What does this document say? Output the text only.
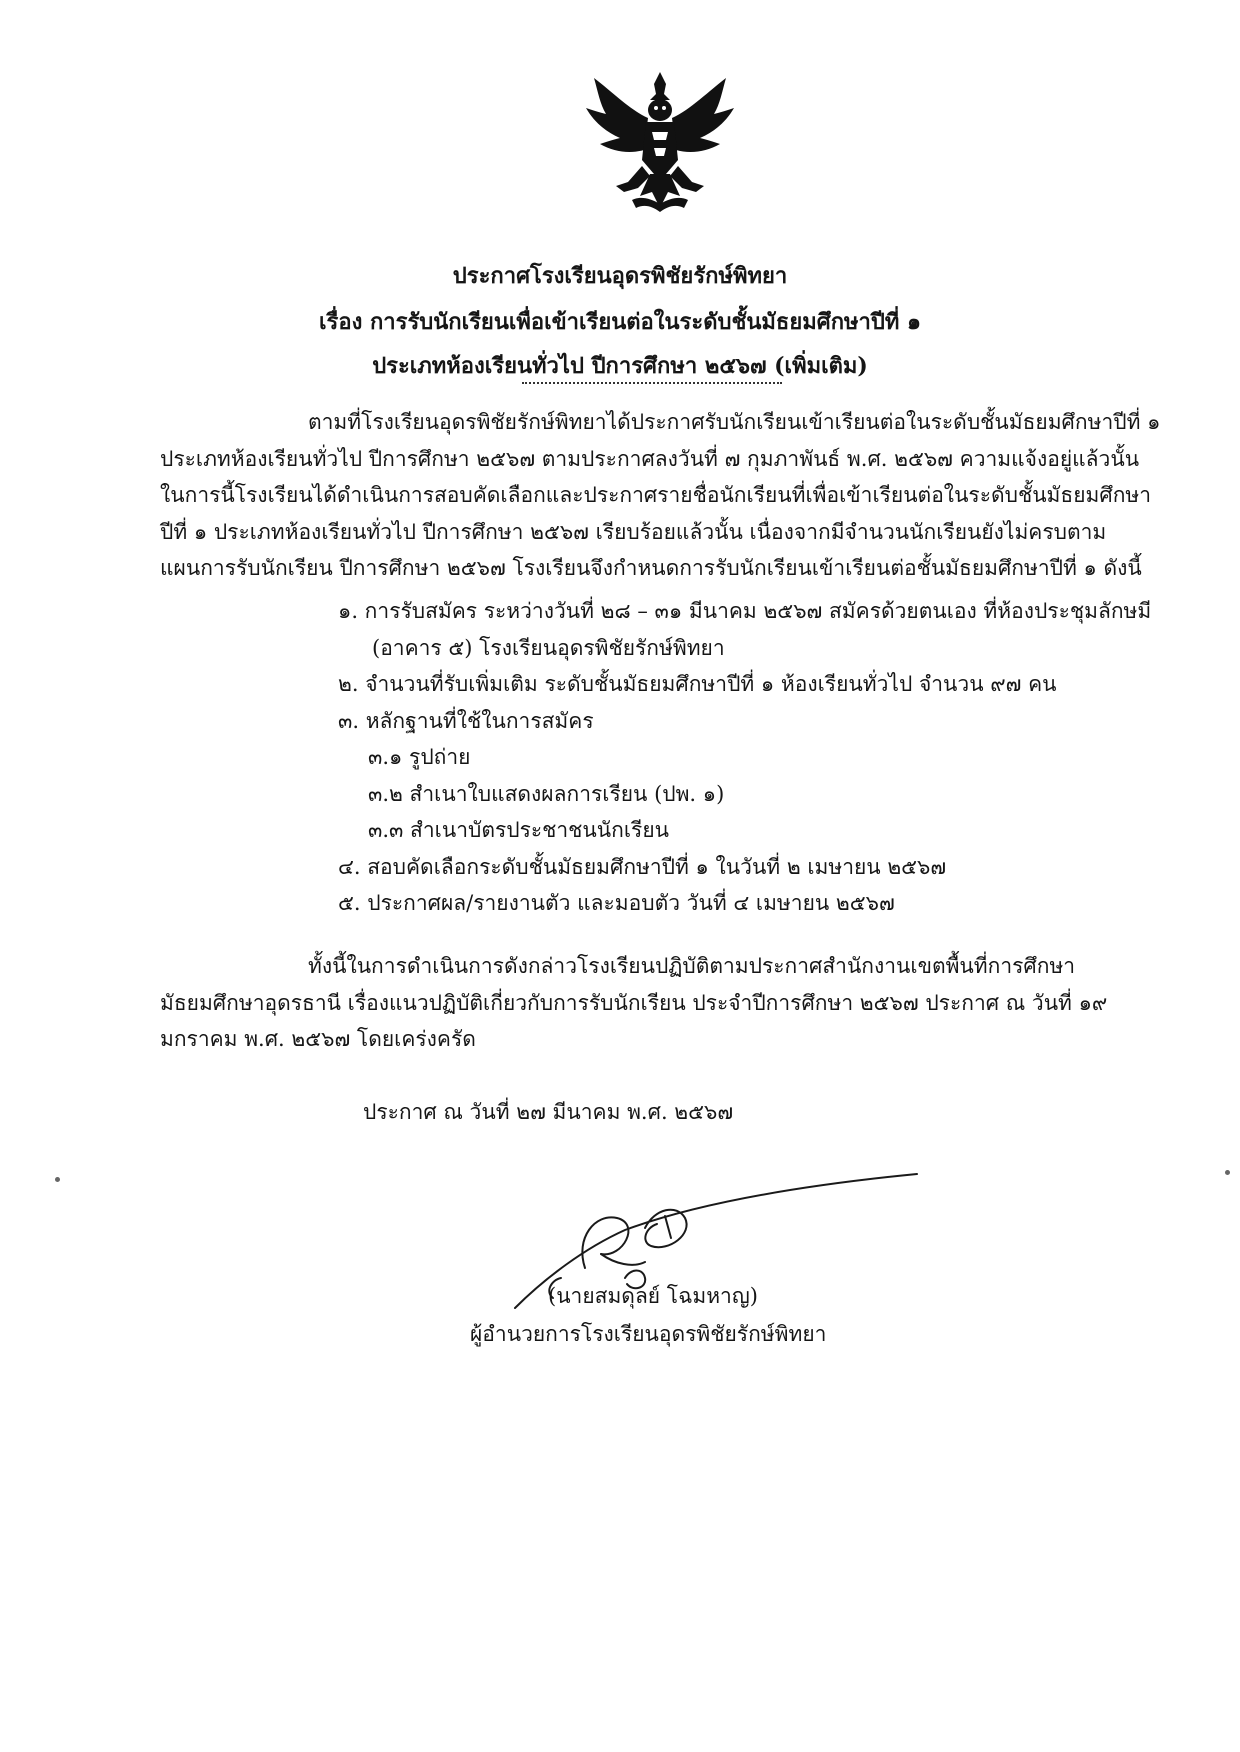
ประกาศโรงเรียนอุดรพิชัยรักษ์พิทยา
เรื่อง การรับนักเรียนเพื่อเข้าเรียนต่อในระดับชั้นมัธยมศึกษาปีที่ ๑
ประเภทห้องเรียนทั่วไป ปีการศึกษา ๒๕๖๗ (เพิ่มเติม)
ตามที่โรงเรียนอุดรพิชัยรักษ์พิทยาได้ประกาศรับนักเรียนเข้าเรียนต่อในระดับชั้นมัธยมศึกษาปีที่ ๑
ประเภทห้องเรียนทั่วไป ปีการศึกษา ๒๕๖๗ ตามประกาศลงวันที่ ๗ กุมภาพันธ์ พ.ศ. ๒๕๖๗ ความแจ้งอยู่แล้วนั้น
ในการนี้โรงเรียนได้ดำเนินการสอบคัดเลือกและประกาศรายชื่อนักเรียนที่เพื่อเข้าเรียนต่อในระดับชั้นมัธยมศึกษา
ปีที่ ๑ ประเภทห้องเรียนทั่วไป ปีการศึกษา ๒๕๖๗ เรียบร้อยแล้วนั้น เนื่องจากมีจำนวนนักเรียนยังไม่ครบตาม
แผนการรับนักเรียน ปีการศึกษา ๒๕๖๗ โรงเรียนจึงกำหนดการรับนักเรียนเข้าเรียนต่อชั้นมัธยมศึกษาปีที่ ๑ ดังนี้
๑. การรับสมัคร ระหว่างวันที่ ๒๘ – ๓๑ มีนาคม ๒๕๖๗ สมัครด้วยตนเอง ที่ห้องประชุมลักษมี
(อาคาร ๕) โรงเรียนอุดรพิชัยรักษ์พิทยา
๒. จำนวนที่รับเพิ่มเติม ระดับชั้นมัธยมศึกษาปีที่ ๑ ห้องเรียนทั่วไป จำนวน ๙๗ คน
๓. หลักฐานที่ใช้ในการสมัคร
๓.๑ รูปถ่าย
๓.๒ สำเนาใบแสดงผลการเรียน (ปพ. ๑)
๓.๓ สำเนาบัตรประชาชนนักเรียน
๔. สอบคัดเลือกระดับชั้นมัธยมศึกษาปีที่ ๑ ในวันที่ ๒ เมษายน ๒๕๖๗
๕. ประกาศผล/รายงานตัว และมอบตัว วันที่ ๔ เมษายน ๒๕๖๗
ทั้งนี้ในการดำเนินการดังกล่าวโรงเรียนปฏิบัติตามประกาศสำนักงานเขตพื้นที่การศึกษา
มัธยมศึกษาอุดรธานี เรื่องแนวปฏิบัติเกี่ยวกับการรับนักเรียน ประจำปีการศึกษา ๒๕๖๗ ประกาศ ณ วันที่ ๑๙
มกราคม พ.ศ. ๒๕๖๗ โดยเคร่งครัด
ประกาศ ณ วันที่ ๒๗ มีนาคม พ.ศ. ๒๕๖๗
(นายสมดุลย์ โฉมหาญ)
ผู้อำนวยการโรงเรียนอุดรพิชัยรักษ์พิทยา
